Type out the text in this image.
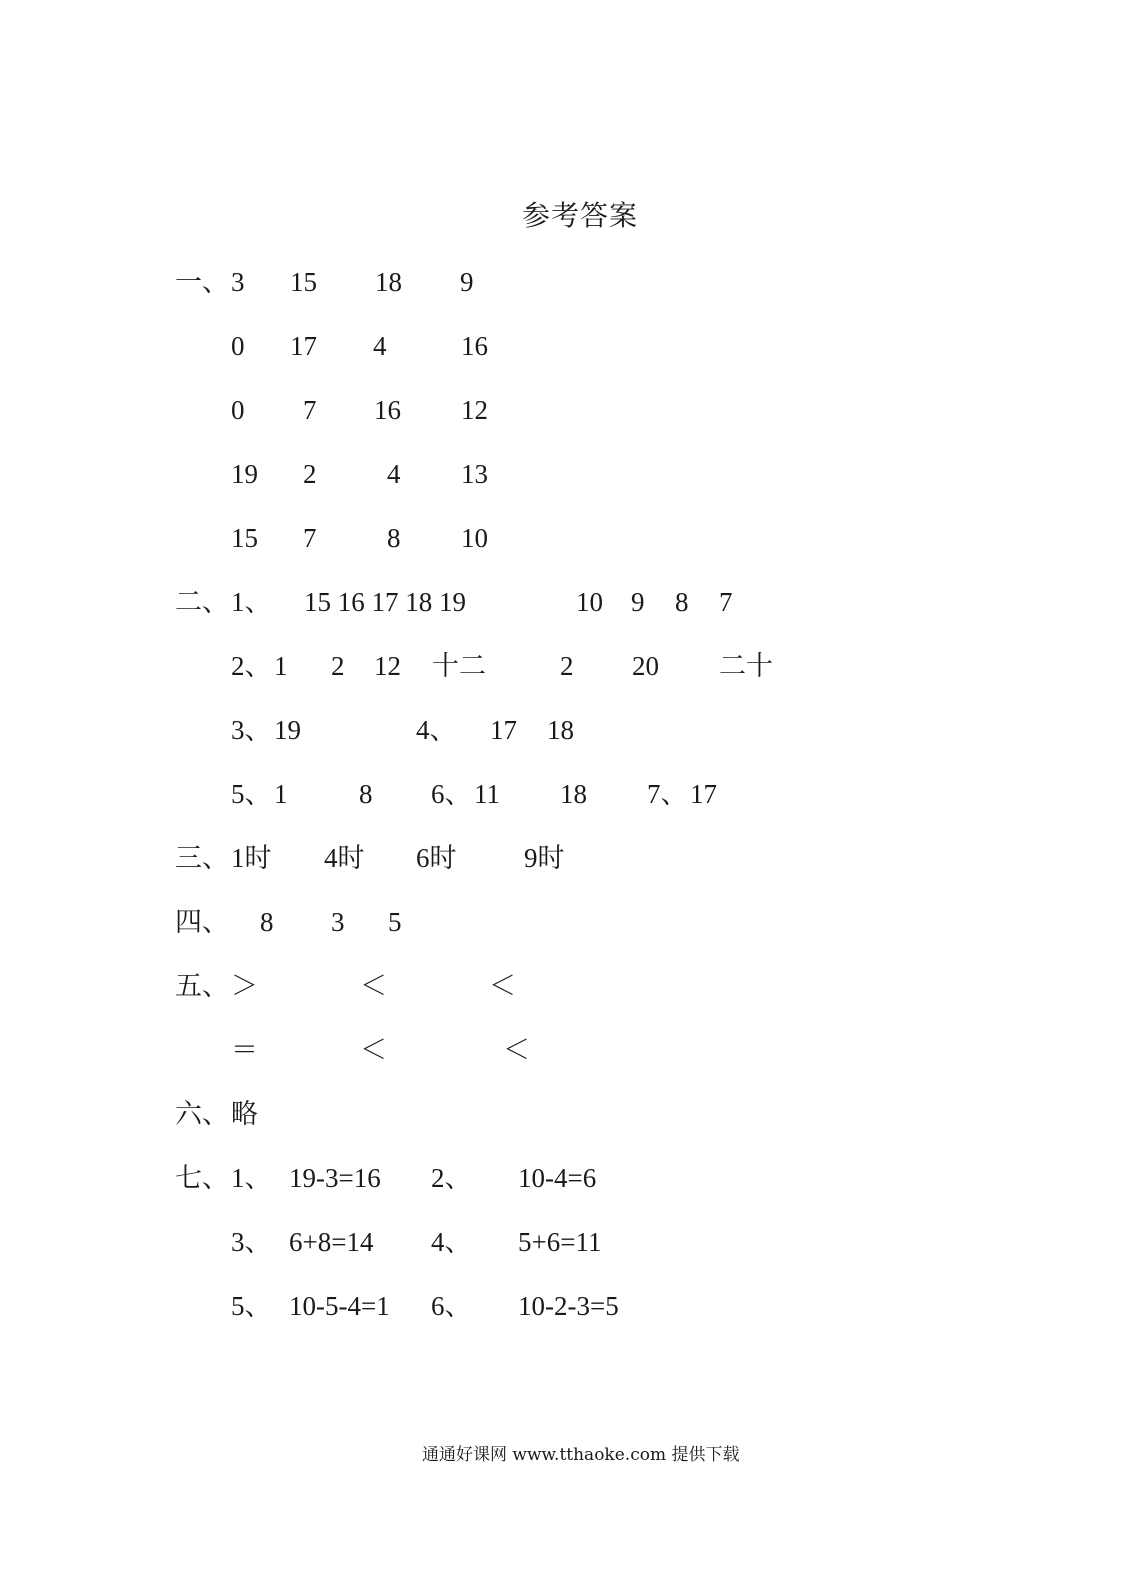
参考答案
一、 3 15 18 9
0 17 4	16
0 7 16 12
19 2	4 13
15 7	8 10
二、 1、 15 16 17 18 19	10 9 8 7
2、 1 2 12 十二	2 20 二十
3、 19	4、 17 18
5、 1	8 6、 11 18 7、 17
三、 1时 4时 6时	9时
四、 8 3 5
五、 ＞	＜	＜
＝	＜	＜
六、 略
七、 1、 19-3=16 2、 10-4=6
3、 6+8=14 4、 5+6=11
5、 10-5-4=1 6、 10-2-3=5
通通好课网 www.tthaoke.com 提供下载
